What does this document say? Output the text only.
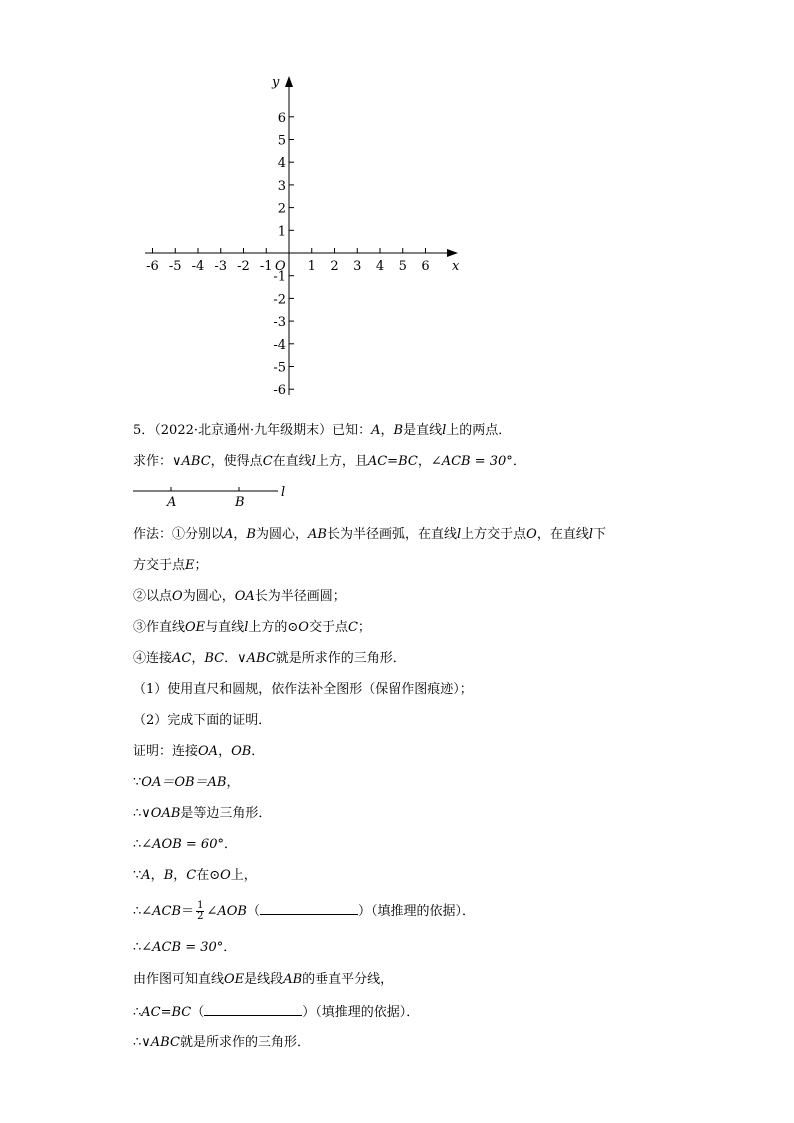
-6 -5 -4 -3 -2 -1	1 2 3 4 5 6
6
5
4
3
2
1
-1
-2
-3
-4
-5
-6
x
y
O
5．（2022·北京通州·九年级期末）已知：A，B是直线l上的两点．
求作：∨ABC，使得点C在直线l上方，且AC=BC，∠ACB = 30°．
A	B
l
作法：①分别以A，B为圆心，AB长为半径画弧，在直线l上方交于点O，在直线l下
方交于点E；
②以点O为圆心，OA长为半径画圆；
③作直线OE与直线l上方的⊙O交于点C；
④连接AC，BC．∨ABC就是所求作的三角形．
（1）使用直尺和圆规，依作法补全图形（保留作图痕迹）；
（2）完成下面的证明．
证明：连接OA，OB．
∵OA＝OB＝AB，
∴∨OAB是等边三角形．
∴∠AOB = 60°．
∵A，B，C在⊙O上，
∴∠ACB＝ $\frac{1}{2}$ ∠AOB（	）（填推理的依据）．
∴∠ACB = 30°．
由作图可知直线OE是线段AB的垂直平分线，
∴AC=BC（	）（填推理的依据）．
∴∨ABC就是所求作的三角形．
